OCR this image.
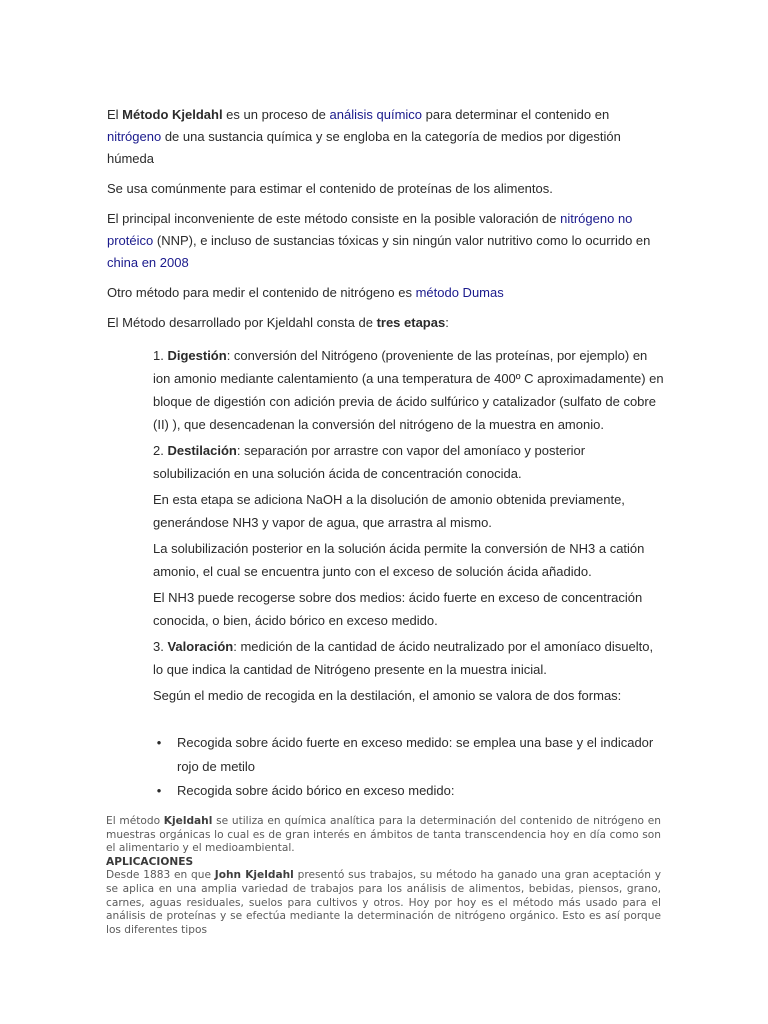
El Método Kjeldahl es un proceso de análisis químico para determinar el contenido en nitrógeno de una sustancia química y se engloba en la categoría de medios por digestión húmeda

Se usa comúnmente para estimar el contenido de proteínas de los alimentos.

El principal inconveniente de este método consiste en la posible valoración de nitrógeno no protéico (NNP), e incluso de sustancias tóxicas y sin ningún valor nutritivo como lo ocurrido en china en 2008

Otro método para medir el contenido de nitrógeno es método Dumas

El Método desarrollado por Kjeldahl consta de tres etapas:

1. Digestión: conversión del Nitrógeno (proveniente de las proteínas, por ejemplo) en ion amonio mediante calentamiento (a una temperatura de 400º C aproximadamente) en bloque de digestión con adición previa de ácido sulfúrico y catalizador (sulfato de cobre (II) ), que desencadenan la conversión del nitrógeno de la muestra en amonio.

2. Destilación: separación por arrastre con vapor del amoníaco y posterior solubilización en una solución ácida de concentración conocida.

En esta etapa se adiciona NaOH a la disolución de amonio obtenida previamente, generándose NH3 y vapor de agua, que arrastra al mismo.

La solubilización posterior en la solución ácida permite la conversión de NH3 a catión amonio, el cual se encuentra junto con el exceso de solución ácida añadido.

El NH3 puede recogerse sobre dos medios: ácido fuerte en exceso de concentración conocida, o bien, ácido bórico en exceso medido.

3. Valoración: medición de la cantidad de ácido neutralizado por el amoníaco disuelto, lo que indica la cantidad de Nitrógeno presente en la muestra inicial.

Según el medio de recogida en la destilación, el amonio se valora de dos formas:

• Recogida sobre ácido fuerte en exceso medido: se emplea una base y el indicador rojo de metilo
• Recogida sobre ácido bórico en exceso medido:

El método Kjeldahl se utiliza en química analítica para la determinación del contenido de nitrógeno en muestras orgánicas lo cual es de gran interés en ámbitos de tanta transcendencia hoy en día como son el alimentario y el medioambiental.

APLICACIONES

Desde 1883 en que John Kjeldahl presentó sus trabajos, su método ha ganado una gran aceptación y se aplica en una amplia variedad de trabajos para los análisis de alimentos, bebidas, piensos, grano, carnes, aguas residuales, suelos para cultivos y otros. Hoy por hoy es el método más usado para el análisis de proteínas y se efectúa mediante la determinación de nitrógeno orgánico. Esto es así porque los diferentes tipos
